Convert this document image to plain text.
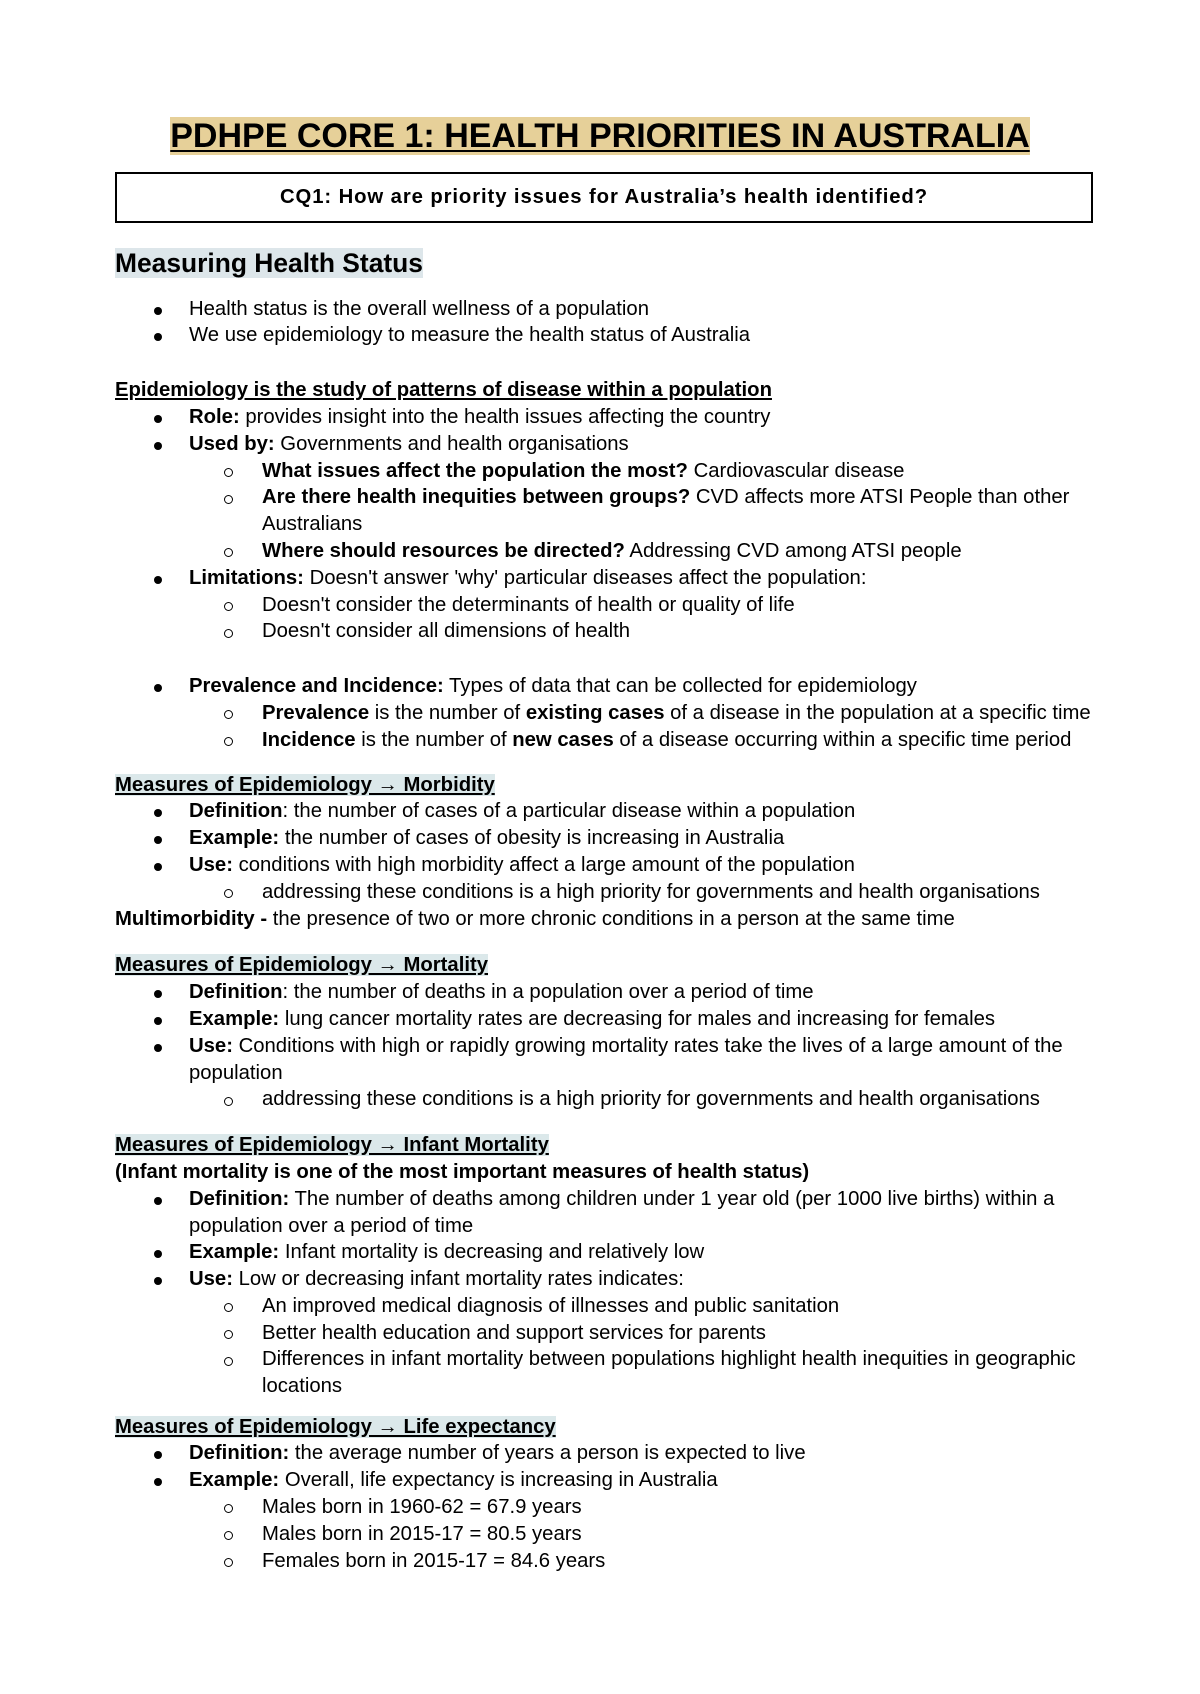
PDHPE CORE 1: HEALTH PRIORITIES IN AUSTRALIA
CQ1: How are priority issues for Australia’s health identified?
Measuring Health Status
Health status is the overall wellness of a population
We use epidemiology to measure the health status of Australia
Epidemiology is the study of patterns of disease within a population
Role: provides insight into the health issues affecting the country
Used by: Governments and health organisations
What issues affect the population the most? Cardiovascular disease
Are there health inequities between groups? CVD affects more ATSI People than other Australians
Where should resources be directed? Addressing CVD among ATSI people
Limitations: Doesn't answer 'why' particular diseases affect the population:
Doesn't consider the determinants of health or quality of life
Doesn't consider all dimensions of health
Prevalence and Incidence: Types of data that can be collected for epidemiology
Prevalence is the number of existing cases of a disease in the population at a specific time
Incidence is the number of new cases of a disease occurring within a specific time period
Measures of Epidemiology → Morbidity
Definition: the number of cases of a particular disease within a population
Example: the number of cases of obesity is increasing in Australia
Use: conditions with high morbidity affect a large amount of the population
addressing these conditions is a high priority for governments and health organisations
Multimorbidity - the presence of two or more chronic conditions in a person at the same time
Measures of Epidemiology → Mortality
Definition: the number of deaths in a population over a period of time
Example: lung cancer mortality rates are decreasing for males and increasing for females
Use: Conditions with high or rapidly growing mortality rates take the lives of a large amount of the population
addressing these conditions is a high priority for governments and health organisations
Measures of Epidemiology → Infant Mortality
(Infant mortality is one of the most important measures of health status)
Definition: The number of deaths among children under 1 year old (per 1000 live births) within a population over a period of time
Example: Infant mortality is decreasing and relatively low
Use: Low or decreasing infant mortality rates indicates:
An improved medical diagnosis of illnesses and public sanitation
Better health education and support services for parents
Differences in infant mortality between populations highlight health inequities in geographic locations
Measures of Epidemiology → Life expectancy
Definition: the average number of years a person is expected to live
Example: Overall, life expectancy is increasing in Australia
Males born in 1960-62 = 67.9 years
Males born in 2015-17 = 80.5 years
Females born in 2015-17 = 84.6 years
